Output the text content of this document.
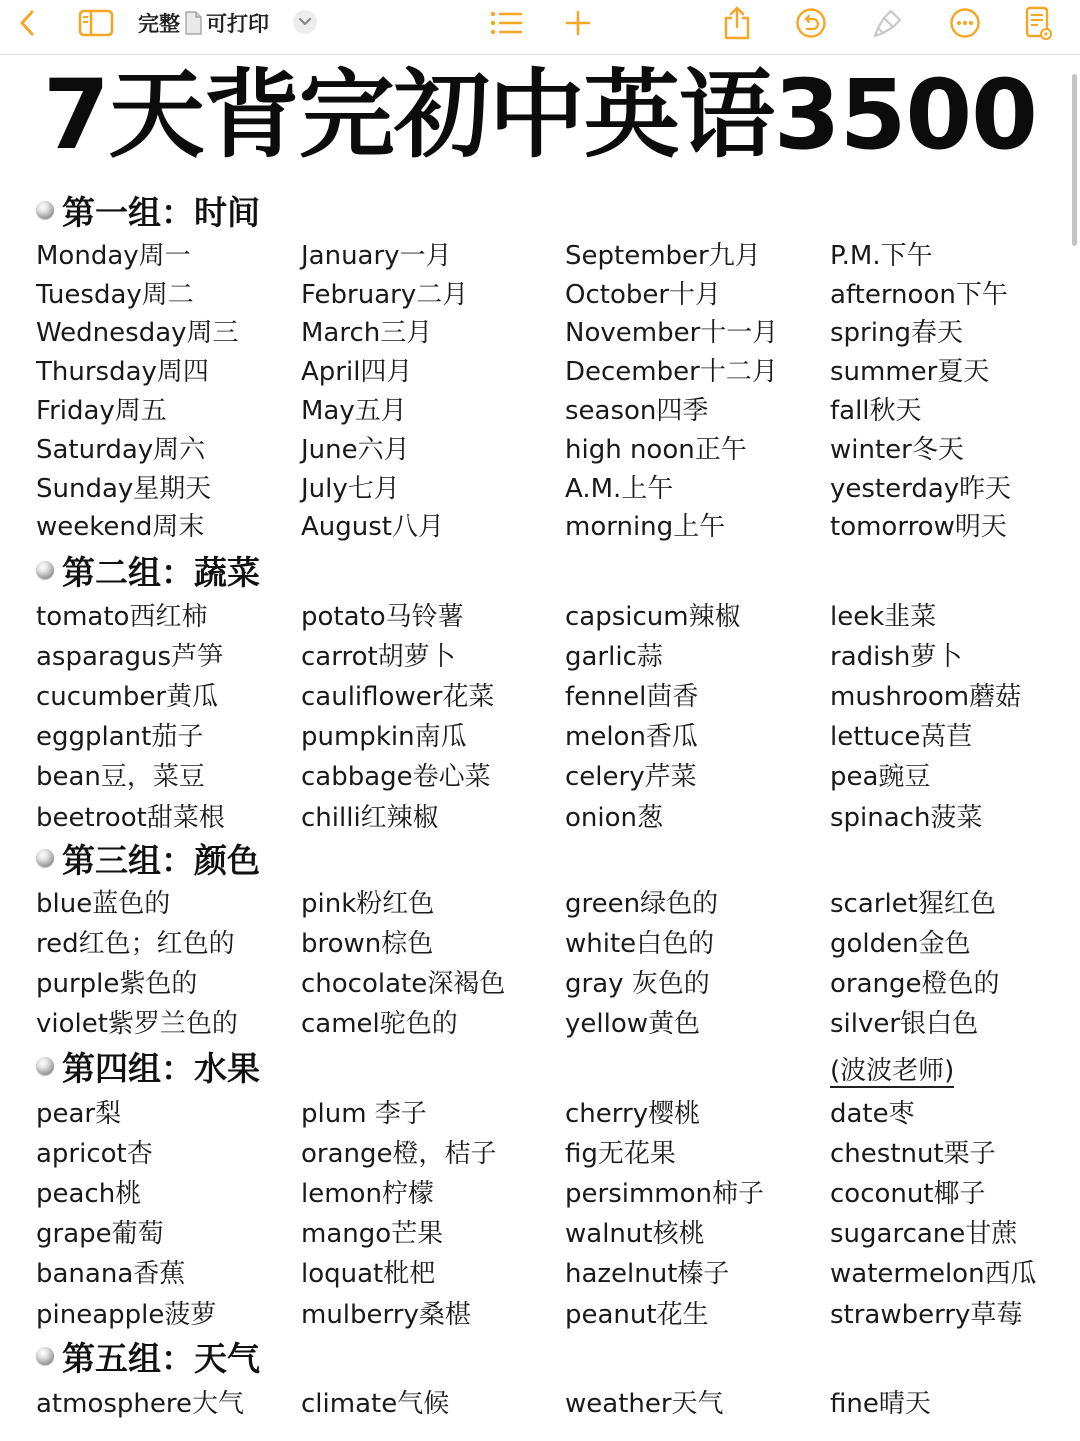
完整 可打印
7天背完初中英语3500
第一组：时间
Monday周一	January一月	September九月	P.M.下午
Tuesday周二	February二月	October十月	afternoon下午
Wednesday周三	March三月	November十一月	spring春天
Thursday周四	April四月	December十二月	summer夏天
Friday周五	May五月	season四季	fall秋天
Saturday周六	June六月	high noon正午	winter冬天
Sunday星期天	July七月	A.M.上午	yesterday昨天
weekend周末	August八月	morning上午	tomorrow明天
第二组：蔬菜
tomato西红柿	potato马铃薯	capsicum辣椒	leek韭菜
asparagus芦笋	carrot胡萝卜	garlic蒜	radish萝卜
cucumber黄瓜	cauliflower花菜	fennel茴香	mushroom蘑菇
eggplant茄子	pumpkin南瓜	melon香瓜	lettuce莴苣
bean豆，菜豆	cabbage卷心菜	celery芹菜	pea豌豆
beetroot甜菜根	chilli红辣椒	onion葱	spinach菠菜
第三组：颜色
blue蓝色的	pink粉红色	green绿色的	scarlet猩红色
red红色；红色的	brown棕色	white白色的	golden金色
purple紫色的	chocolate深褐色	gray 灰色的	orange橙色的
violet紫罗兰色的	camel驼色的	yellow黄色	silver银白色
第四组：水果	(波波老师)
pear梨	plum 李子	cherry樱桃	date枣
apricot杏	orange橙，桔子	fig无花果	chestnut栗子
peach桃	lemon柠檬	persimmon柿子	coconut椰子
grape葡萄	mango芒果	walnut核桃	sugarcane甘蔗
banana香蕉	loquat枇杷	hazelnut榛子	watermelon西瓜
pineapple菠萝	mulberry桑椹	peanut花生	strawberry草莓
第五组：天气
atmosphere大气	climate气候	weather天气	fine晴天
